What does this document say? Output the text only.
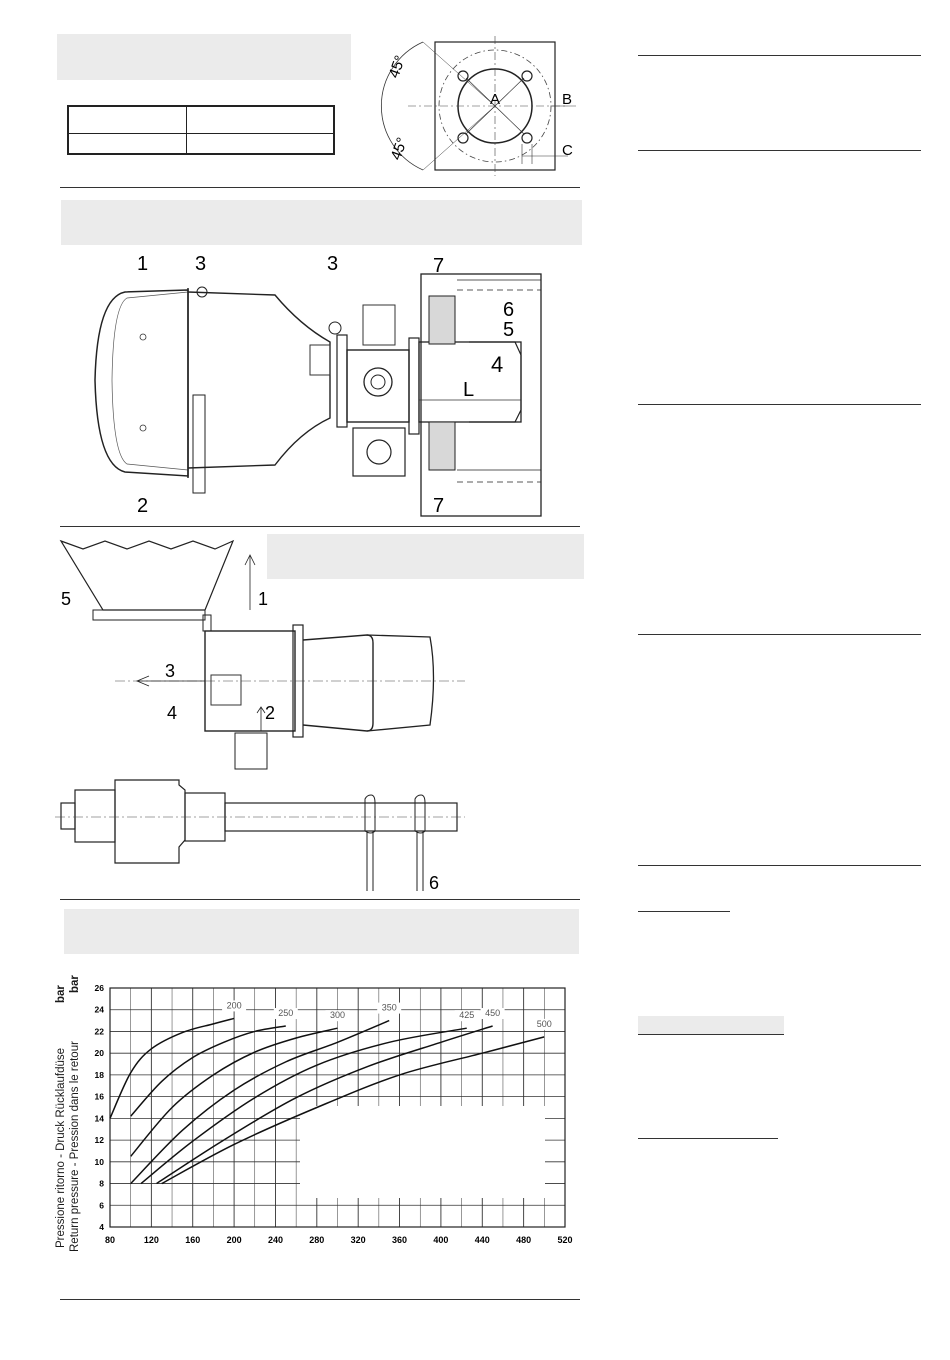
45°
45°
A	B
C
1 3	3	7
6
5
4
L
2	7
5	1
3
4	2
6
Pressione ritorno - Druck Rücklaufdüse Return pressure - Pression dans le retour
bar
bar
80	120	160	200	240	280	320	360	400	440	480	520
4
6
8
10
12
14
16
18
20
22
24
26
200
250	300
350
425 450
500
